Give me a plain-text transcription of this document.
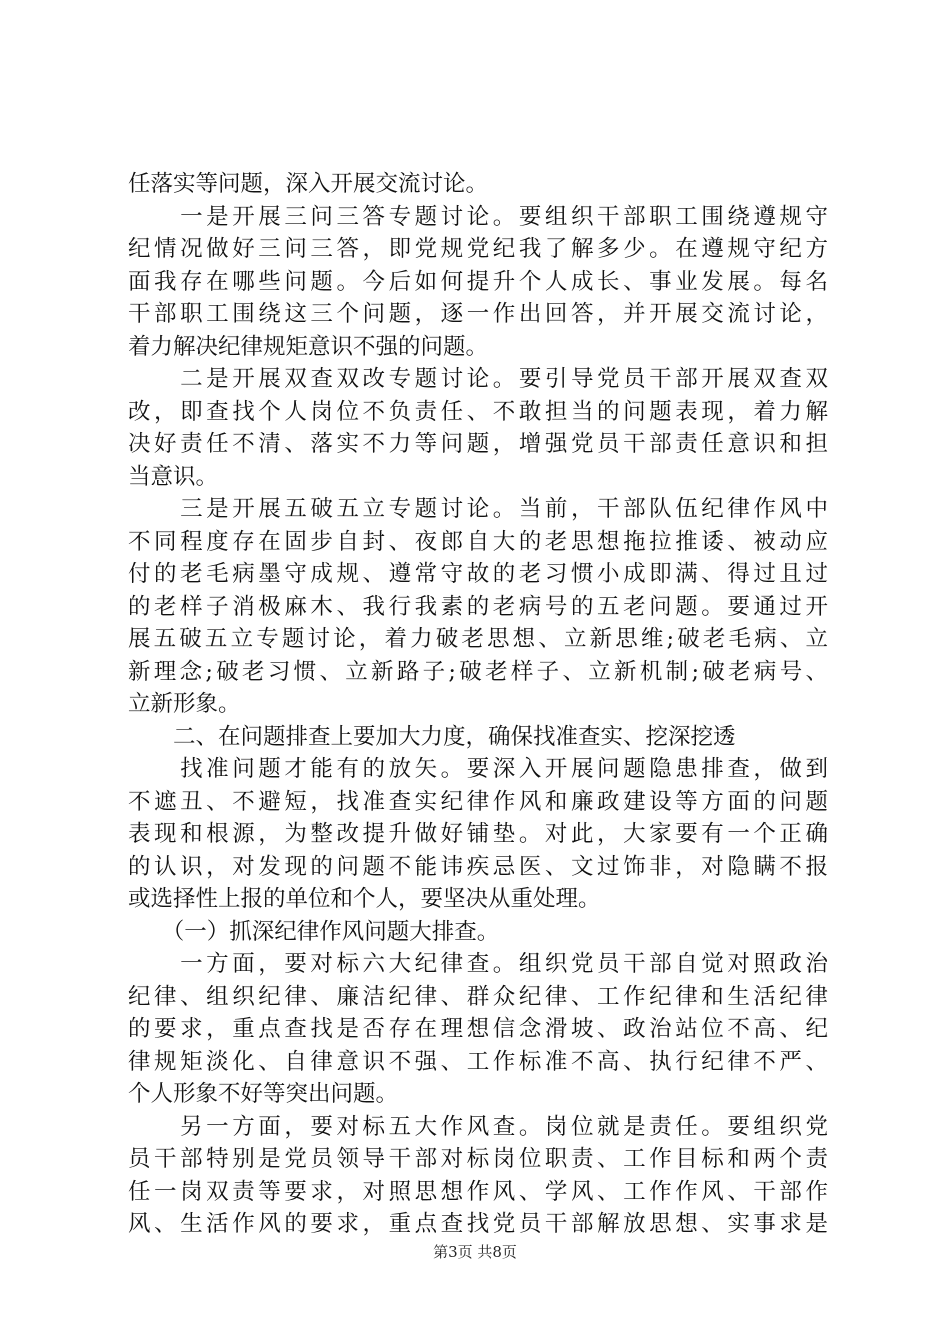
任落实等问题，深入开展交流讨论。
　　一是开展三问三答专题讨论。要组织干部职工围绕遵规守
纪情况做好三问三答，即党规党纪我了解多少。在遵规守纪方
面我存在哪些问题。今后如何提升个人成长、事业发展。每名
干部职工围绕这三个问题，逐一作出回答，并开展交流讨论，
着力解决纪律规矩意识不强的问题。
　　二是开展双查双改专题讨论。要引导党员干部开展双查双
改，即查找个人岗位不负责任、不敢担当的问题表现，着力解
决好责任不清、落实不力等问题，增强党员干部责任意识和担
当意识。
　　三是开展五破五立专题讨论。当前，干部队伍纪律作风中
不同程度存在固步自封、夜郎自大的老思想拖拉推诿、被动应
付的老毛病墨守成规、遵常守故的老习惯小成即满、得过且过
的老样子消极麻木、我行我素的老病号的五老问题。要通过开
展五破五立专题讨论，着力破老思想、立新思维;破老毛病、立
新理念;破老习惯、立新路子;破老样子、立新机制;破老病号、
立新形象。
　　二、在问题排查上要加大力度，确保找准查实、挖深挖透
　　找准问题才能有的放矢。要深入开展问题隐患排查，做到
不遮丑、不避短，找准查实纪律作风和廉政建设等方面的问题
表现和根源，为整改提升做好铺垫。对此，大家要有一个正确
的认识，对发现的问题不能讳疾忌医、文过饰非，对隐瞒不报
或选择性上报的单位和个人，要坚决从重处理。
　　（一）抓深纪律作风问题大排查。
　　一方面，要对标六大纪律查。组织党员干部自觉对照政治
纪律、组织纪律、廉洁纪律、群众纪律、工作纪律和生活纪律
的要求，重点查找是否存在理想信念滑坡、政治站位不高、纪
律规矩淡化、自律意识不强、工作标准不高、执行纪律不严、
个人形象不好等突出问题。
　　另一方面，要对标五大作风查。岗位就是责任。要组织党
员干部特别是党员领导干部对标岗位职责、工作目标和两个责
任一岗双责等要求，对照思想作风、学风、工作作风、干部作
风、生活作风的要求，重点查找党员干部解放思想、实事求是
第3页 共8页
